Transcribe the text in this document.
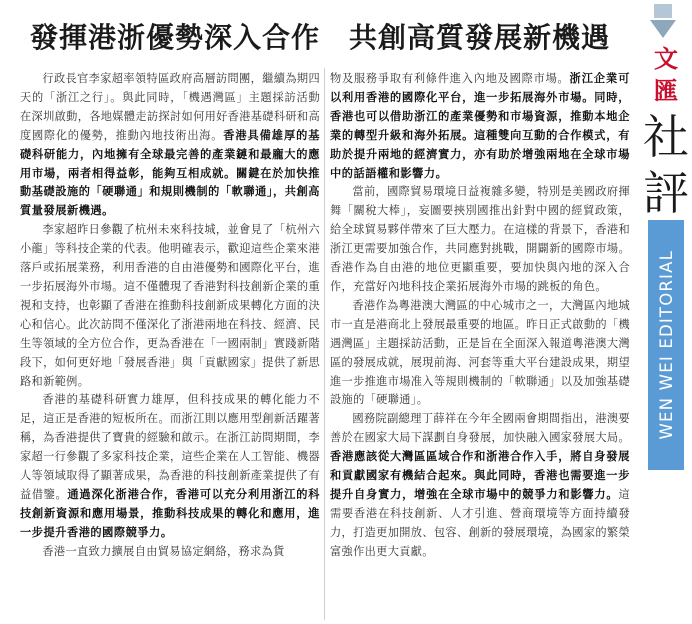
發揮港浙優勢深入合作　共創高質發展新機遇

行政長官李家超率領特區政府高層訪問團，繼續為期四天的「浙江之行」。與此同時，「機遇灣區」主題採訪活動在深圳啟動，各地媒體走訪探討如何用好香港基礎科研和高度國際化的優勢，推動內地技術出海。香港具備雄厚的基礎科研能力，內地擁有全球最完善的產業鏈和最龐大的應用市場，兩者相得益彰，能夠互相成就。關鍵在於加快推動基礎設施的「硬聯通」和規則機制的「軟聯通」，共創高質量發展新機遇。

李家超昨日參觀了杭州未來科技城，並會見了「杭州六小龍」等科技企業的代表。他明確表示，歡迎這些企業來港落戶或拓展業務，利用香港的自由港優勢和國際化平台，進一步拓展海外市場。這不僅體現了香港對科技創新企業的重視和支持，也彰顯了香港在推動科技創新成果轉化方面的決心和信心。此次訪問不僅深化了浙港兩地在科技、經濟、民生等領域的全方位合作，更為香港在「一國兩制」實踐新階段下，如何更好地「發展香港」與「貢獻國家」提供了新思路和新範例。

香港的基礎科研實力雄厚，但科技成果的轉化能力不足，這正是香港的短板所在。而浙江則以應用型創新活躍著稱，為香港提供了寶貴的經驗和啟示。在浙江訪問期間，李家超一行參觀了多家科技企業，這些企業在人工智能、機器人等領域取得了顯著成果，為香港的科技創新產業提供了有益借鑒。通過深化浙港合作，香港可以充分利用浙江的科技創新資源和應用場景，推動科技成果的轉化和應用，進一步提升香港的國際競爭力。

香港一直致力擴展自由貿易協定網絡，務求為貨

物及服務爭取有利條件進入內地及國際市場。浙江企業可以利用香港的國際化平台，進一步拓展海外市場。同時，香港也可以借助浙江的產業優勢和市場資源，推動本地企業的轉型升級和海外拓展。這種雙向互動的合作模式，有助於提升兩地的經濟實力，亦有助於增強兩地在全球市場中的話語權和影響力。

當前，國際貿易環境日益複雜多變，特別是美國政府揮舞「關稅大棒」，妄圖要挾別國推出針對中國的經貿政策，給全球貿易夥伴帶來了巨大壓力。在這樣的背景下，香港和浙江更需要加強合作，共同應對挑戰，開闢新的國際市場。香港作為自由港的地位更顯重要，要加快與內地的深入合作，充當好內地科技企業拓展海外市場的跳板的角色。

香港作為粵港澳大灣區的中心城市之一，大灣區內地城市一直是港商北上發展最重要的地區。昨日正式啟動的「機遇灣區」主題採訪活動，正是旨在全面深入報道粵港澳大灣區的發展成就，展現前海、河套等重大平台建設成果，期望進一步推進市場准入等規則機制的「軟聯通」以及加強基礎設施的「硬聯通」。

國務院副總理丁薛祥在今年全國兩會期間指出，港澳要善於在國家大局下謀劃自身發展，加快融入國家發展大局。香港應該從大灣區區域合作和浙港合作入手，將自身發展和貢獻國家有機結合起來。與此同時，香港也需要進一步提升自身實力，增強在全球市場中的競爭力和影響力。這需要香港在科技創新、人才引進、營商環境等方面持續發力，打造更加開放、包容、創新的發展環境，為國家的繁榮富強作出更大貢獻。

文
匯
社
評
WEN WEI EDITORIAL
